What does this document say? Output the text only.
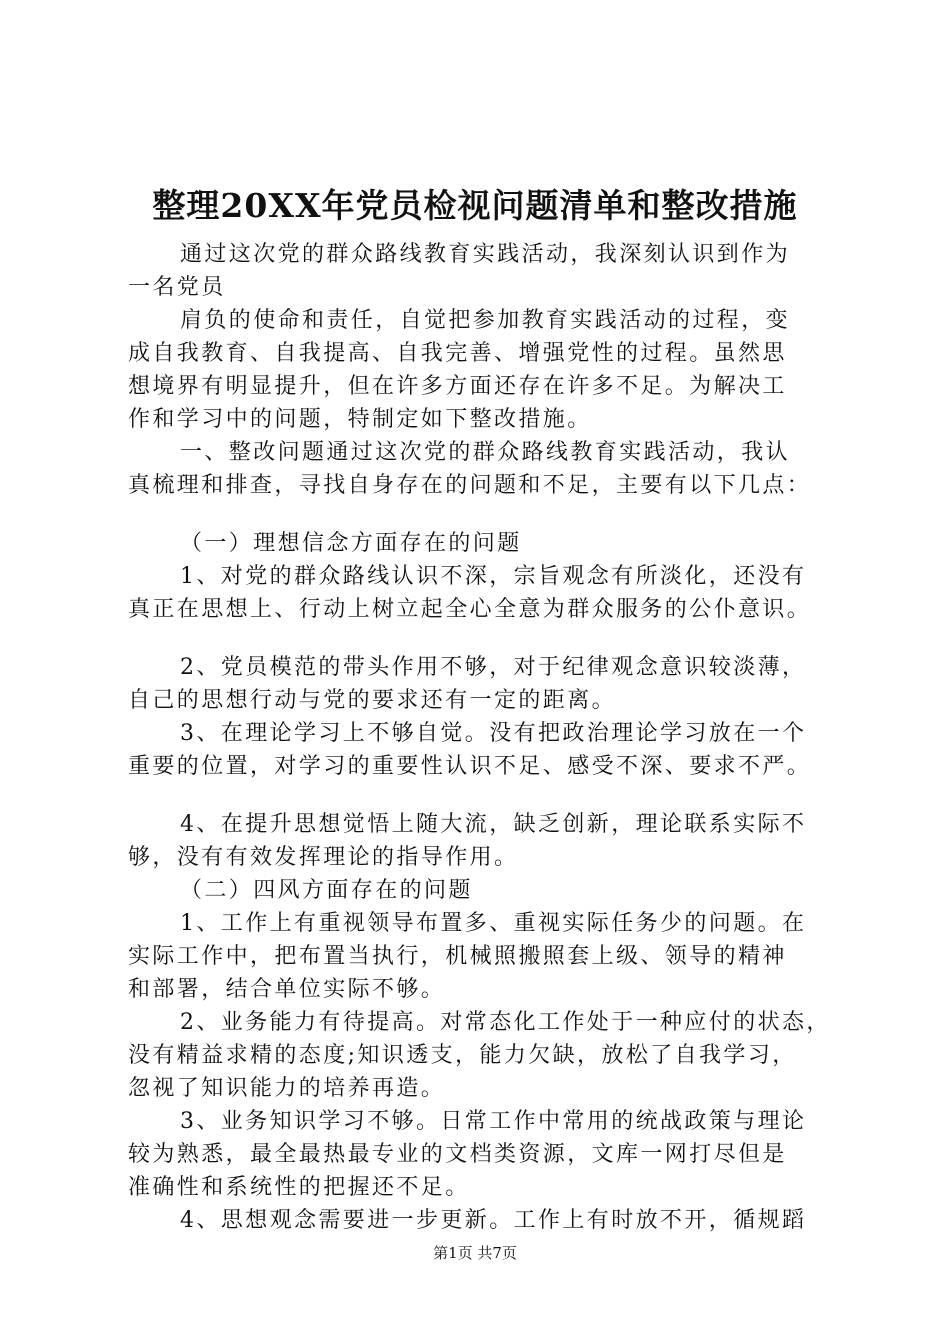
整理20XX年党员检视问题清单和整改措施
通过这次党的群众路线教育实践活动，我深刻认识到作为
一名党员
肩负的使命和责任，自觉把参加教育实践活动的过程，变
成自我教育、自我提高、自我完善、增强党性的过程。虽然思
想境界有明显提升，但在许多方面还存在许多不足。为解决工
作和学习中的问题，特制定如下整改措施。
一、整改问题通过这次党的群众路线教育实践活动，我认
真梳理和排查，寻找自身存在的问题和不足，主要有以下几点：
（一）理想信念方面存在的问题
1、对党的群众路线认识不深，宗旨观念有所淡化，还没有
真正在思想上、行动上树立起全心全意为群众服务的公仆意识。
2、党员模范的带头作用不够，对于纪律观念意识较淡薄，
自己的思想行动与党的要求还有一定的距离。
3、在理论学习上不够自觉。没有把政治理论学习放在一个
重要的位置，对学习的重要性认识不足、感受不深、要求不严。
4、在提升思想觉悟上随大流，缺乏创新，理论联系实际不
够，没有有效发挥理论的指导作用。
（二）四风方面存在的问题
1、工作上有重视领导布置多、重视实际任务少的问题。在
实际工作中，把布置当执行，机械照搬照套上级、领导的精神
和部署，结合单位实际不够。
2、业务能力有待提高。对常态化工作处于一种应付的状态，
没有精益求精的态度;知识透支，能力欠缺，放松了自我学习，
忽视了知识能力的培养再造。
3、业务知识学习不够。日常工作中常用的统战政策与理论
较为熟悉，最全最热最专业的文档类资源，文库一网打尽但是
准确性和系统性的把握还不足。
4、思想观念需要进一步更新。工作上有时放不开，循规蹈
第1页 共7页
